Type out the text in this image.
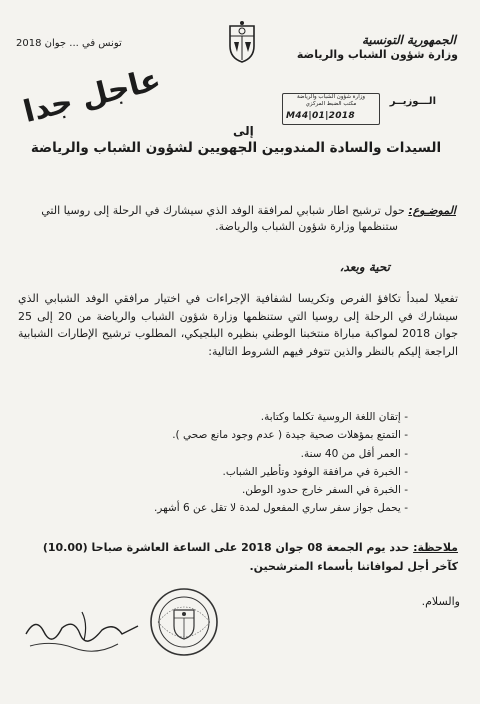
الجمهورية التونسية
وزارة شؤون الشباب والرياضة
تونس في ... جوان 2018
الـــوزيــر
وزارة شؤون الشباب والرياضة
مكتب الضبط المركزي
M44|01|2018
عاجل جدا
إلى
السيدات والسادة المندوبين الجهويين لشؤون الشباب والرياضة
الموضـوع: حول ترشيح اطار شبابي لمرافقة الوفد الذي سيشارك في الرحلة إلى روسيا التي
ستنظمها وزارة شؤون الشباب والرياضة.
تحية وبعد،
تفعيلا لمبدأ تكافؤ الفرص وتكريسا لشفافية الإجراءات في اختيار مرافقي الوفد الشبابي الذي سيشارك في الرحلة إلى روسيا التي ستنظمها وزارة شؤون الشباب والرياضة من 20 إلى 25 جوان 2018 لمواكبة مباراة منتخبنا الوطني بنظيره البلجيكي، المطلوب ترشيح الإطارات الشبابية الراجعة إليكم بالنظر والذين تتوفر فيهم الشروط التالية:
- إتقان اللغة الروسية تكلما وكتابة.
- التمتع بمؤهلات صحية جيدة ( عدم وجود مانع صحي ).
- العمر أقل من 40 سنة.
- الخبرة في مرافقة الوفود وتأطير الشباب.
- الخبرة في السفر خارج حدود الوطن.
- يحمل جواز سفر ساري المفعول لمدة لا تقل عن 6 أشهر.
ملاحظة: حدد يوم الجمعة 08 جوان 2018 على الساعة العاشرة صباحا (10.00) كآخر أجل لموافاتنا بأسماء المترشحين.
والسلام.
